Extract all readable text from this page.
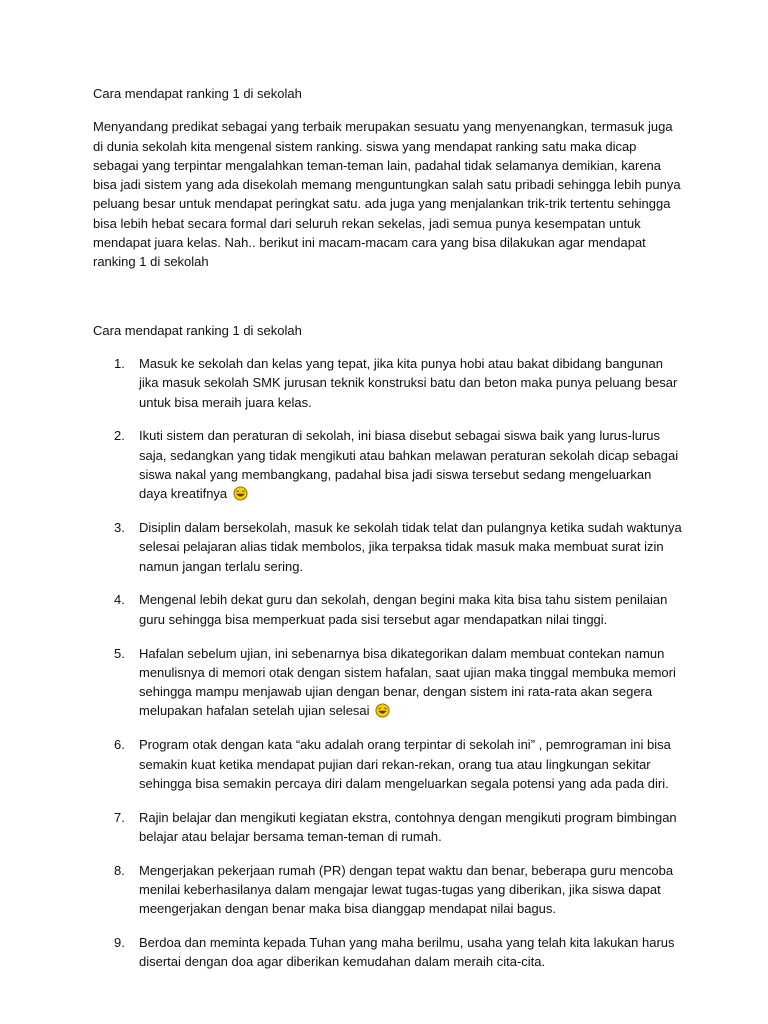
Cara mendapat ranking 1 di sekolah

Menyandang predikat sebagai yang terbaik merupakan sesuatu yang menyenangkan, termasuk juga di dunia sekolah kita mengenal sistem ranking. siswa yang mendapat ranking satu maka dicap sebagai yang terpintar mengalahkan teman-teman lain, padahal tidak selamanya demikian, karena bisa jadi sistem yang ada disekolah memang menguntungkan salah satu pribadi sehingga lebih punya peluang besar untuk mendapat peringkat satu. ada juga yang menjalankan trik-trik tertentu sehingga bisa lebih hebat secara formal dari seluruh rekan sekelas, jadi semua punya kesempatan untuk mendapat juara kelas. Nah.. berikut ini macam-macam cara yang bisa dilakukan agar mendapat ranking 1 di sekolah

Cara mendapat ranking 1 di sekolah
1. Masuk ke sekolah dan kelas yang tepat, jika kita punya hobi atau bakat dibidang bangunan jika masuk sekolah SMK jurusan teknik konstruksi batu dan beton maka punya peluang besar untuk bisa meraih juara kelas.
2. Ikuti sistem dan peraturan di sekolah, ini biasa disebut sebagai siswa baik yang lurus-lurus saja, sedangkan yang tidak mengikuti atau bahkan melawan peraturan sekolah dicap sebagai siswa nakal yang membangkang, padahal bisa jadi siswa tersebut sedang mengeluarkan daya kreatifnya
3. Disiplin dalam bersekolah, masuk ke sekolah tidak telat dan pulangnya ketika sudah waktunya selesai pelajaran alias tidak membolos, jika terpaksa tidak masuk maka membuat surat izin namun jangan terlalu sering.
4. Mengenal lebih dekat guru dan sekolah, dengan begini maka kita bisa tahu sistem penilaian guru sehingga bisa memperkuat pada sisi tersebut agar mendapatkan nilai tinggi.
5. Hafalan sebelum ujian, ini sebenarnya bisa dikategorikan dalam membuat contekan namun menulisnya di memori otak dengan sistem hafalan, saat ujian maka tinggal membuka memori sehingga mampu menjawab ujian dengan benar, dengan sistem ini rata-rata akan segera melupakan hafalan setelah ujian selesai
6. Program otak dengan kata “aku adalah orang terpintar di sekolah ini” , pemrograman ini bisa semakin kuat ketika mendapat pujian dari rekan-rekan, orang tua atau lingkungan sekitar sehingga bisa semakin percaya diri dalam mengeluarkan segala potensi yang ada pada diri.
7. Rajin belajar dan mengikuti kegiatan ekstra, contohnya dengan mengikuti program bimbingan belajar atau belajar bersama teman-teman di rumah.
8. Mengerjakan pekerjaan rumah (PR) dengan tepat waktu dan benar, beberapa guru mencoba menilai keberhasilanya dalam mengajar lewat tugas-tugas yang diberikan, jika siswa dapat meengerjakan dengan benar maka bisa dianggap mendapat nilai bagus.
9. Berdoa dan meminta kepada Tuhan yang maha berilmu, usaha yang telah kita lakukan harus disertai dengan doa agar diberikan kemudahan dalam meraih cita-cita.
